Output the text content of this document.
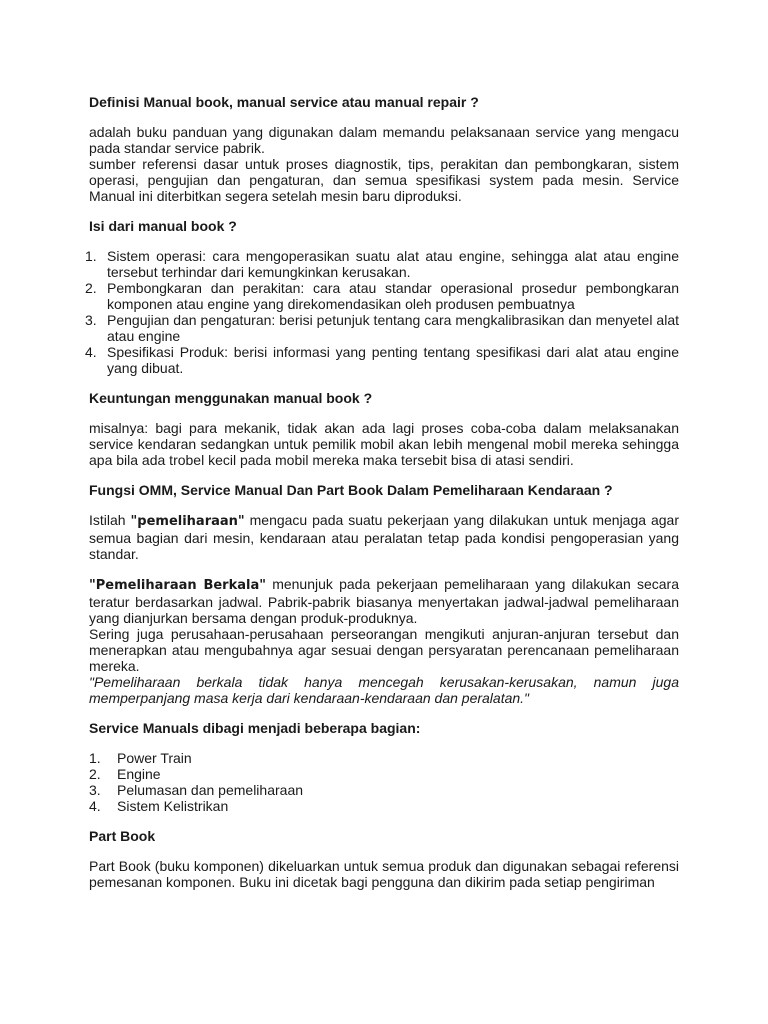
Definisi Manual book, manual service atau manual repair ?

adalah buku panduan yang digunakan dalam memandu pelaksanaan service yang mengacu pada standar service pabrik.

sumber referensi dasar untuk proses diagnostik, tips, perakitan dan pembongkaran, sistem operasi, pengujian dan pengaturan, dan semua spesifikasi system pada mesin. Service Manual ini diterbitkan segera setelah mesin baru diproduksi.

Isi dari manual book ?
1. Sistem operasi: cara mengoperasikan suatu alat atau engine, sehingga alat atau engine tersebut terhindar dari kemungkinkan kerusakan.
2. Pembongkaran dan perakitan: cara atau standar operasional prosedur pembongkaran komponen atau engine yang direkomendasikan oleh produsen pembuatnya
3. Pengujian dan pengaturan: berisi petunjuk tentang cara mengkalibrasikan dan menyetel alat atau engine
4. Spesifikasi Produk: berisi informasi yang penting tentang spesifikasi dari alat atau engine yang dibuat.
Keuntungan menggunakan manual book ?

misalnya: bagi para mekanik, tidak akan ada lagi proses coba-coba dalam melaksanakan service kendaran sedangkan untuk pemilik mobil akan lebih mengenal mobil mereka sehingga apa bila ada trobel kecil pada mobil mereka maka tersebit bisa di atasi sendiri.

Fungsi OMM, Service Manual Dan Part Book Dalam Pemeliharaan Kendaraan ?

Istilah "pemeliharaan" mengacu pada suatu pekerjaan yang dilakukan untuk menjaga agar semua bagian dari mesin, kendaraan atau peralatan tetap pada kondisi pengoperasian yang standar.

"Pemeliharaan Berkala" menunjuk pada pekerjaan pemeliharaan yang dilakukan secara teratur berdasarkan jadwal. Pabrik-pabrik biasanya menyertakan jadwal-jadwal pemeliharaan yang dianjurkan bersama dengan produk-produknya.

Sering juga perusahaan-perusahaan perseorangan mengikuti anjuran-anjuran tersebut dan menerapkan atau mengubahnya agar sesuai dengan persyaratan perencanaan pemeliharaan mereka.

"Pemeliharaan berkala tidak hanya mencegah kerusakan-kerusakan, namun juga memperpanjang masa kerja dari kendaraan-kendaraan dan peralatan."

Service Manuals dibagi menjadi beberapa bagian:
1. Power Train
2. Engine
3. Pelumasan dan pemeliharaan
4. Sistem Kelistrikan
Part Book

Part Book (buku komponen) dikeluarkan untuk semua produk dan digunakan sebagai referensi pemesanan komponen. Buku ini dicetak bagi pengguna dan dikirim pada setiap pengiriman
